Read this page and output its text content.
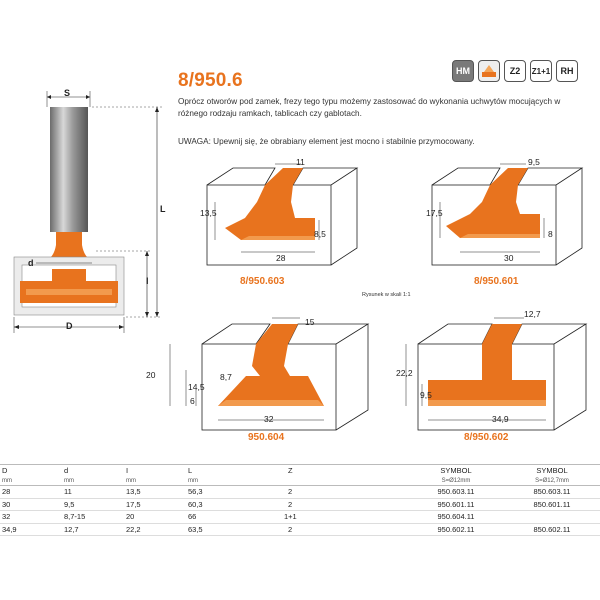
8/950.6
Oprócz otworów pod zamek, frezy tego typu możemy zastosować do wykonania uchwytów mocujących w różnego rodzaju ramkach, tablicach czy gablotach.
UWAGA: Upewnij się, że obrabiany element jest mocno i stabilnie przymocowany.
HM	Z2	Z1+1	RH
S
L
d
I
D
11
13,5
8,5
28
8/950.603
9,5
17,5
8
30
8/950.601
Rysunek w skali 1:1
15
20	8,7
14,5
6
32
950.604
12,7
22,2
9,5
34,9
8/950.602
D	d	I	L	Z	SYMBOL	SYMBOL
mm	mm	mm	mm		S=Ø12mm	S=Ø12,7mm
28	11	13,5	56,3	2	950.603.11	850.603.11
30	9,5	17,5	60,3	2	950.601.11	850.601.11
32	8,7-15	20	66	1+1	950.604.11	
34,9	12,7	22,2	63,5	2	950.602.11	850.602.11
